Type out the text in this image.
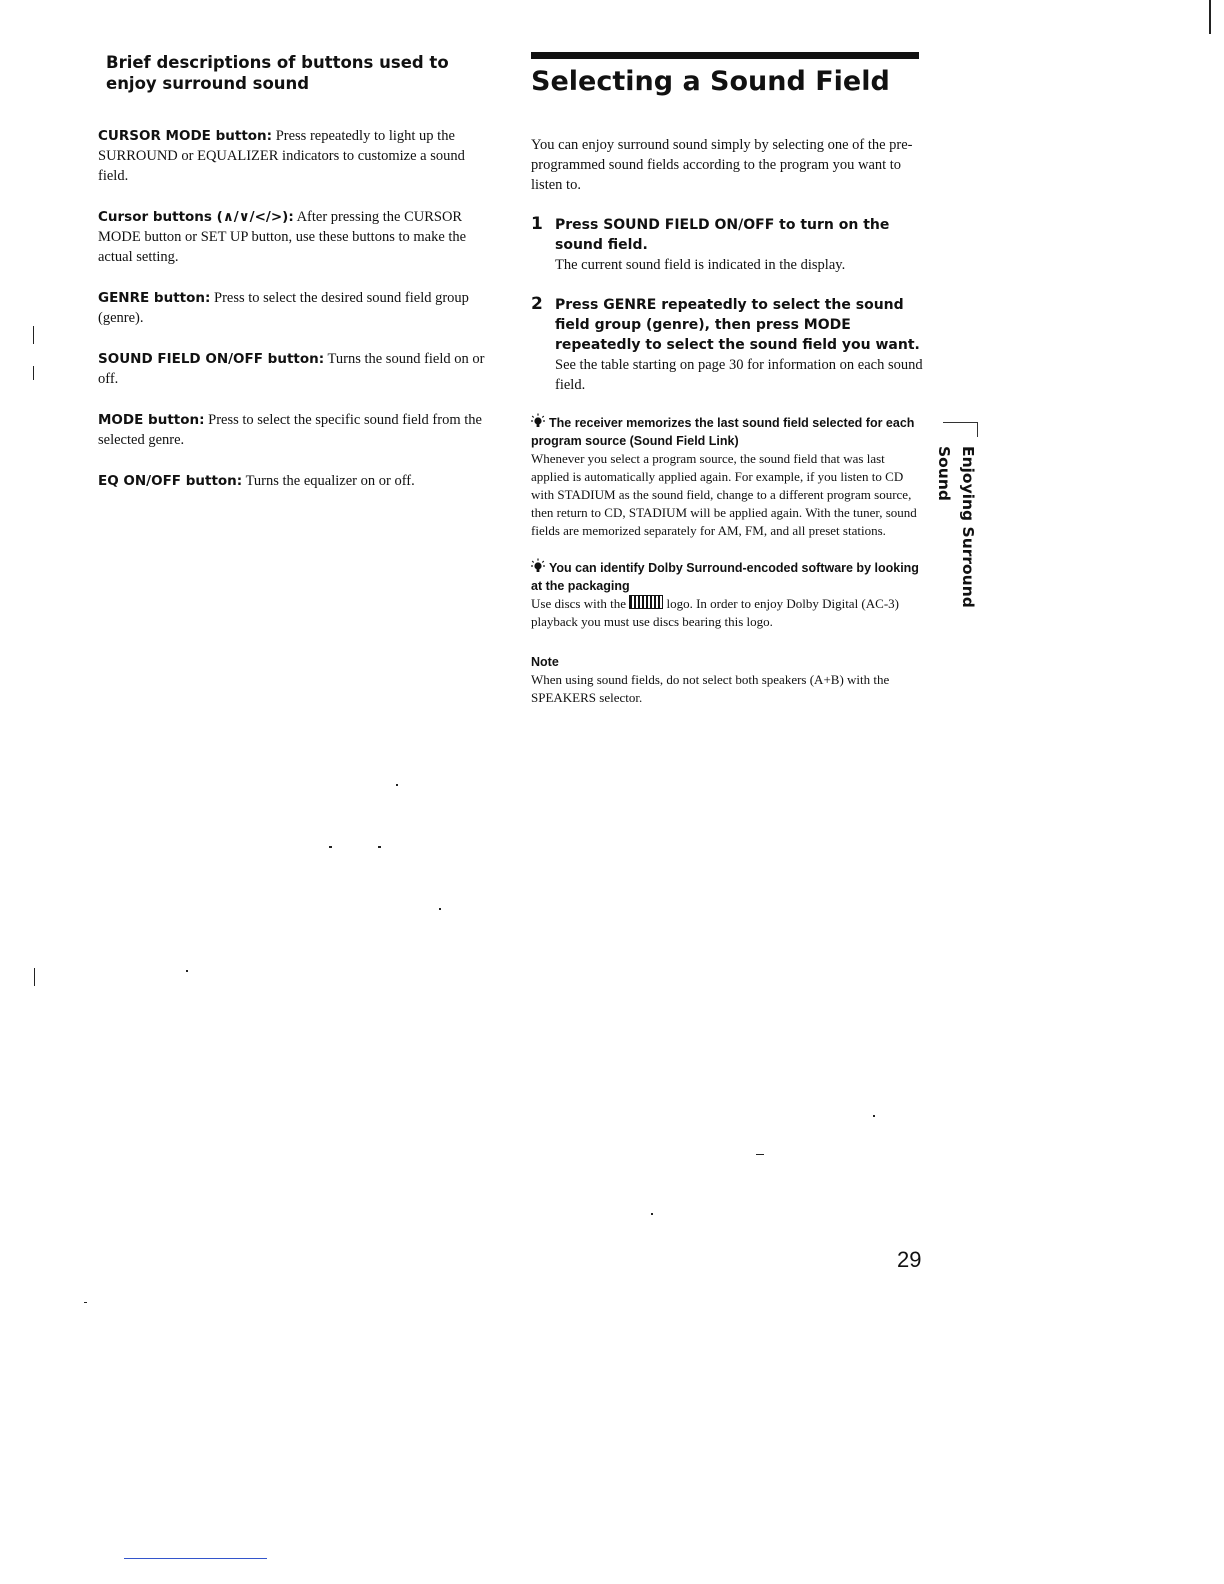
Brief descriptions of buttons used to enjoy surround sound

CURSOR MODE button: Press repeatedly to light up the SURROUND or EQUALIZER indicators to customize a sound field.

Cursor buttons (∧/∨/</>): After pressing the CURSOR MODE button or SET UP button, use these buttons to make the actual setting.

GENRE button: Press to select the desired sound field group (genre).

SOUND FIELD ON/OFF button: Turns the sound field on or off.

MODE button: Press to select the specific sound field from the selected genre.

EQ ON/OFF button: Turns the equalizer on or off.

Selecting a Sound Field

You can enjoy surround sound simply by selecting one of the pre-programmed sound fields according to the program you want to listen to.

1 Press SOUND FIELD ON/OFF to turn on the sound field.
The current sound field is indicated in the display.
2 Press GENRE repeatedly to select the sound field group (genre), then press MODE repeatedly to select the sound field you want.
See the table starting on page 30 for information on each sound field.
The receiver memorizes the last sound field selected for each program source (Sound Field Link)
Whenever you select a program source, the sound field that was last applied is automatically applied again. For example, if you listen to CD with STADIUM as the sound field, change to a different program source, then return to CD, STADIUM will be applied again. With the tuner, sound fields are memorized separately for AM, FM, and all preset stations.
You can identify Dolby Surround-encoded software by looking at the packaging
Use discs with the	logo. In order to enjoy Dolby Digital (AC-3) playback you must use discs bearing this logo.
Note
When using sound fields, do not select both speakers (A+B) with the SPEAKERS selector.
Enjoying Surround Sound
29
